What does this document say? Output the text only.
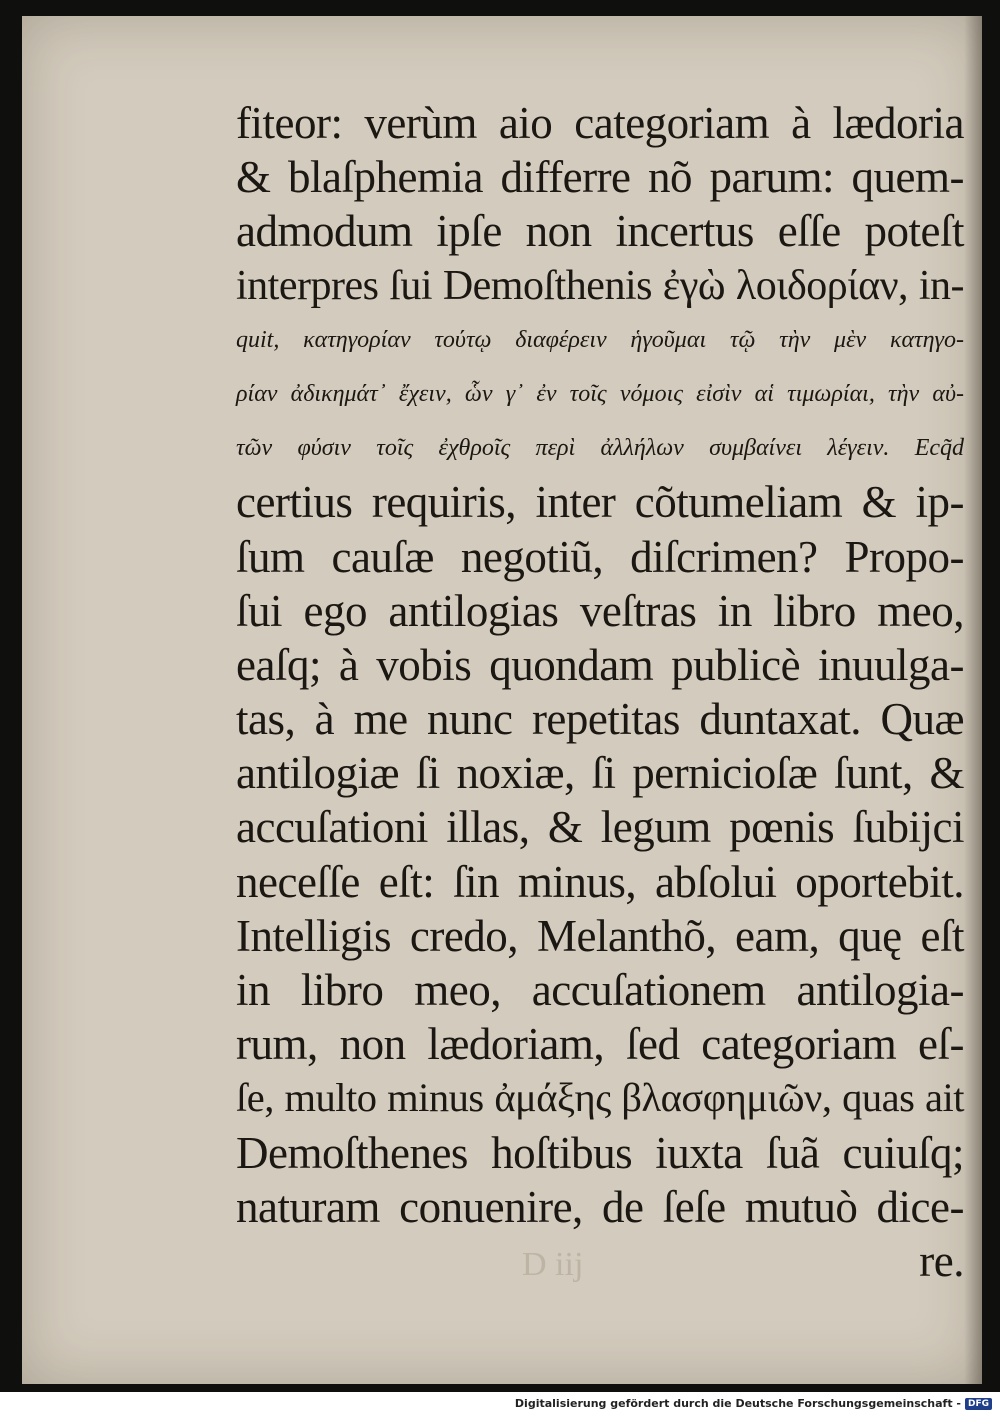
fiteor: verùm aio categoriam à lædoria
& blaſphemia differre nõ parum: quem-
admodum ipſe non incertus eſſe poteſt
interpres ſui Demoſthenis ἐγὼ λοιδορίαν, in-
quit, κατηγορίαν τούτῳ διαφέρειν ἡγοῦμαι τῷ τὴν μὲν κατηγο-
ρίαν ἀδικημάτ᾽ ἔχειν, ὧν γ᾽ ἐν τοῖς νόμοις εἰσὶν αἱ τιμωρίαι, τὴν αὐ-
τῶν φύσιν τοῖς ἐχθροῖς περὶ ἀλλήλων συμβαίνει λέγειν. Ecq̃d
certius requiris, inter cõtumeliam & ip-
ſum cauſæ negotiũ, diſcrimen? Propo-
ſui ego antilogias veſtras in libro meo,
eaſq; à vobis quondam publicè inuulga-
tas, à me nunc repetitas duntaxat. Quæ
antilogiæ ſi noxiæ, ſi pernicioſæ ſunt, &
accuſationi illas, & legum pœnis ſubijci
neceſſe eſt: ſin minus, abſolui oportebit.
Intelligis credo, Melanthõ, eam, quę eſt
in libro meo, accuſationem antilogia-
rum, non lædoriam, ſed categoriam eſ-
ſe, multo minus ἀμάξης βλασφημιῶν, quas ait
Demoſthenes hoſtibus iuxta ſuã cuiuſq;
naturam conuenire, de ſeſe mutuò dice-
re.
D iij
Digitalisierung gefördert durch die Deutsche Forschungsgemeinschaft - DFG
